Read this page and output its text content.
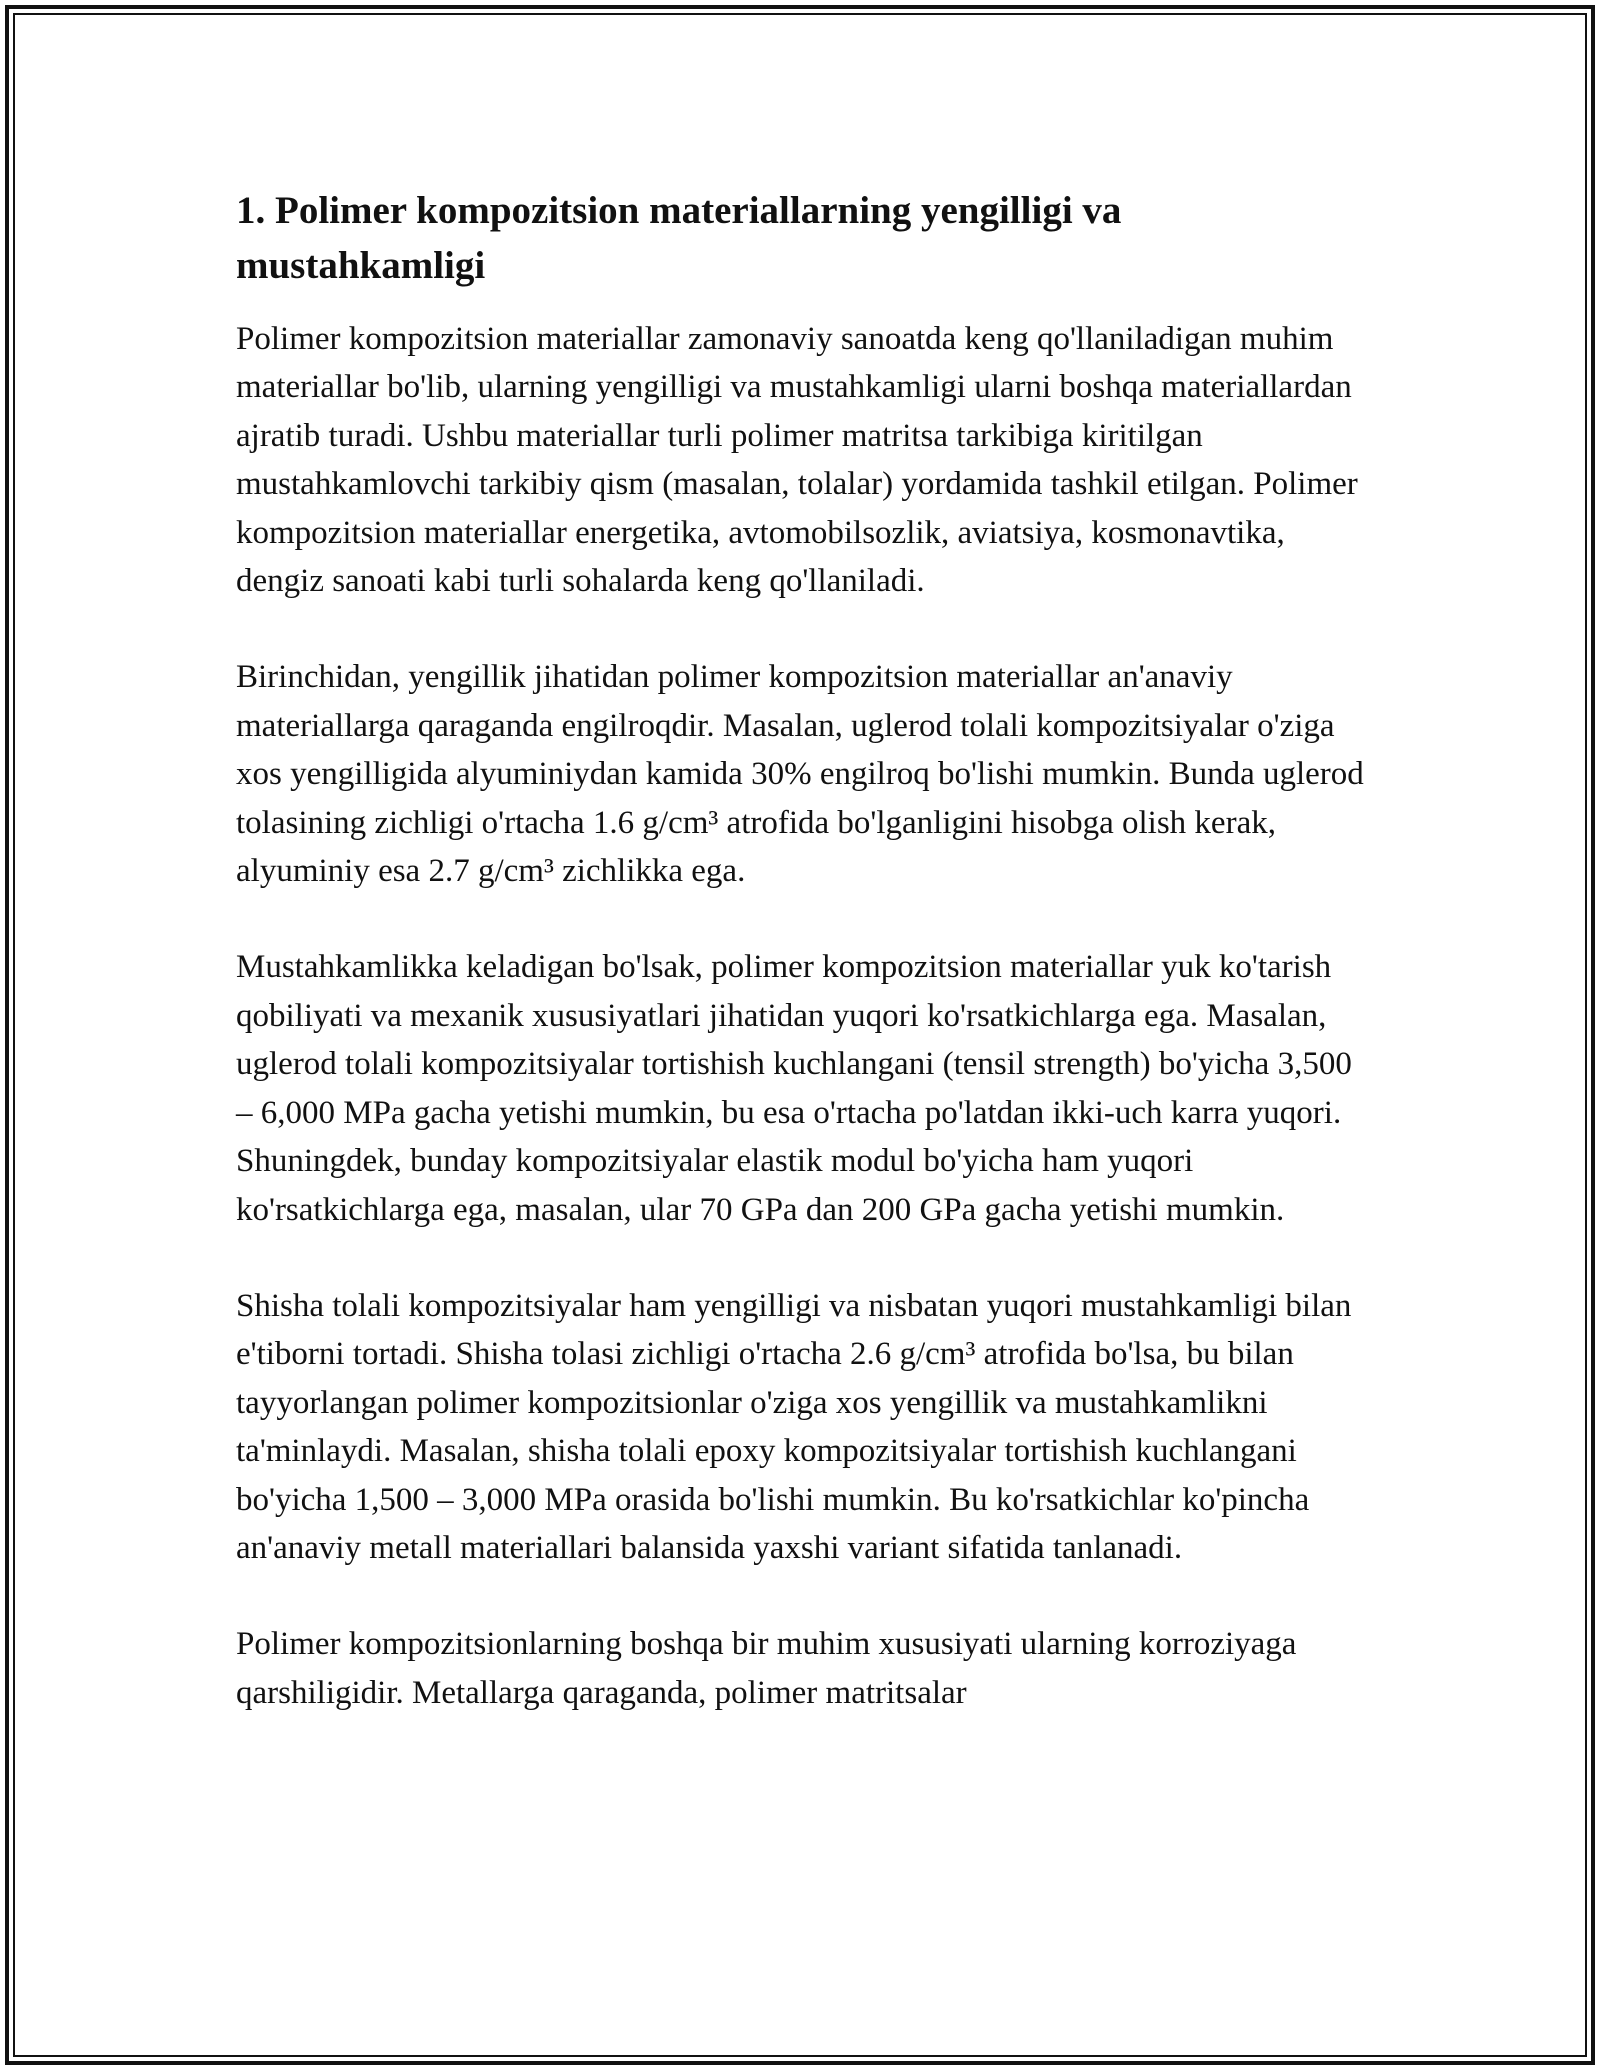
1. Polimer kompozitsion materiallarning yengilligi va mustahkamligi

Polimer kompozitsion materiallar zamonaviy sanoatda keng qo'llaniladigan muhim materiallar bo'lib, ularning yengilligi va mustahkamligi ularni boshqa materiallardan ajratib turadi. Ushbu materiallar turli polimer matritsa tarkibiga kiritilgan mustahkamlovchi tarkibiy qism (masalan, tolalar) yordamida tashkil etilgan. Polimer kompozitsion materiallar energetika, avtomobilsozlik, aviatsiya, kosmonavtika, dengiz sanoati kabi turli sohalarda keng qo'llaniladi.

Birinchidan, yengillik jihatidan polimer kompozitsion materiallar an'anaviy materiallarga qaraganda engilroqdir. Masalan, uglerod tolali kompozitsiyalar o'ziga xos yengilligida alyuminiydan kamida 30% engilroq bo'lishi mumkin. Bunda uglerod tolasining zichligi o'rtacha 1.6 g/cm³ atrofida bo'lganligini hisobga olish kerak, alyuminiy esa 2.7 g/cm³ zichlikka ega.

Mustahkamlikka keladigan bo'lsak, polimer kompozitsion materiallar yuk ko'tarish qobiliyati va mexanik xususiyatlari jihatidan yuqori ko'rsatkichlarga ega. Masalan, uglerod tolali kompozitsiyalar tortishish kuchlangani (tensil strength) bo'yicha 3,500 – 6,000 MPa gacha yetishi mumkin, bu esa o'rtacha po'latdan ikki-uch karra yuqori. Shuningdek, bunday kompozitsiyalar elastik modul bo'yicha ham yuqori ko'rsatkichlarga ega, masalan, ular 70 GPa dan 200 GPa gacha yetishi mumkin.

Shisha tolali kompozitsiyalar ham yengilligi va nisbatan yuqori mustahkamligi bilan e'tiborni tortadi. Shisha tolasi zichligi o'rtacha 2.6 g/cm³ atrofida bo'lsa, bu bilan tayyorlangan polimer kompozitsionlar o'ziga xos yengillik va mustahkamlikni ta'minlaydi. Masalan, shisha tolali epoxy kompozitsiyalar tortishish kuchlangani bo'yicha 1,500 – 3,000 MPa orasida bo'lishi mumkin. Bu ko'rsatkichlar ko'pincha an'anaviy metall materiallari balansida yaxshi variant sifatida tanlanadi.

Polimer kompozitsionlarning boshqa bir muhim xususiyati ularning korroziyaga qarshiligidir. Metallarga qaraganda, polimer matritsalar
